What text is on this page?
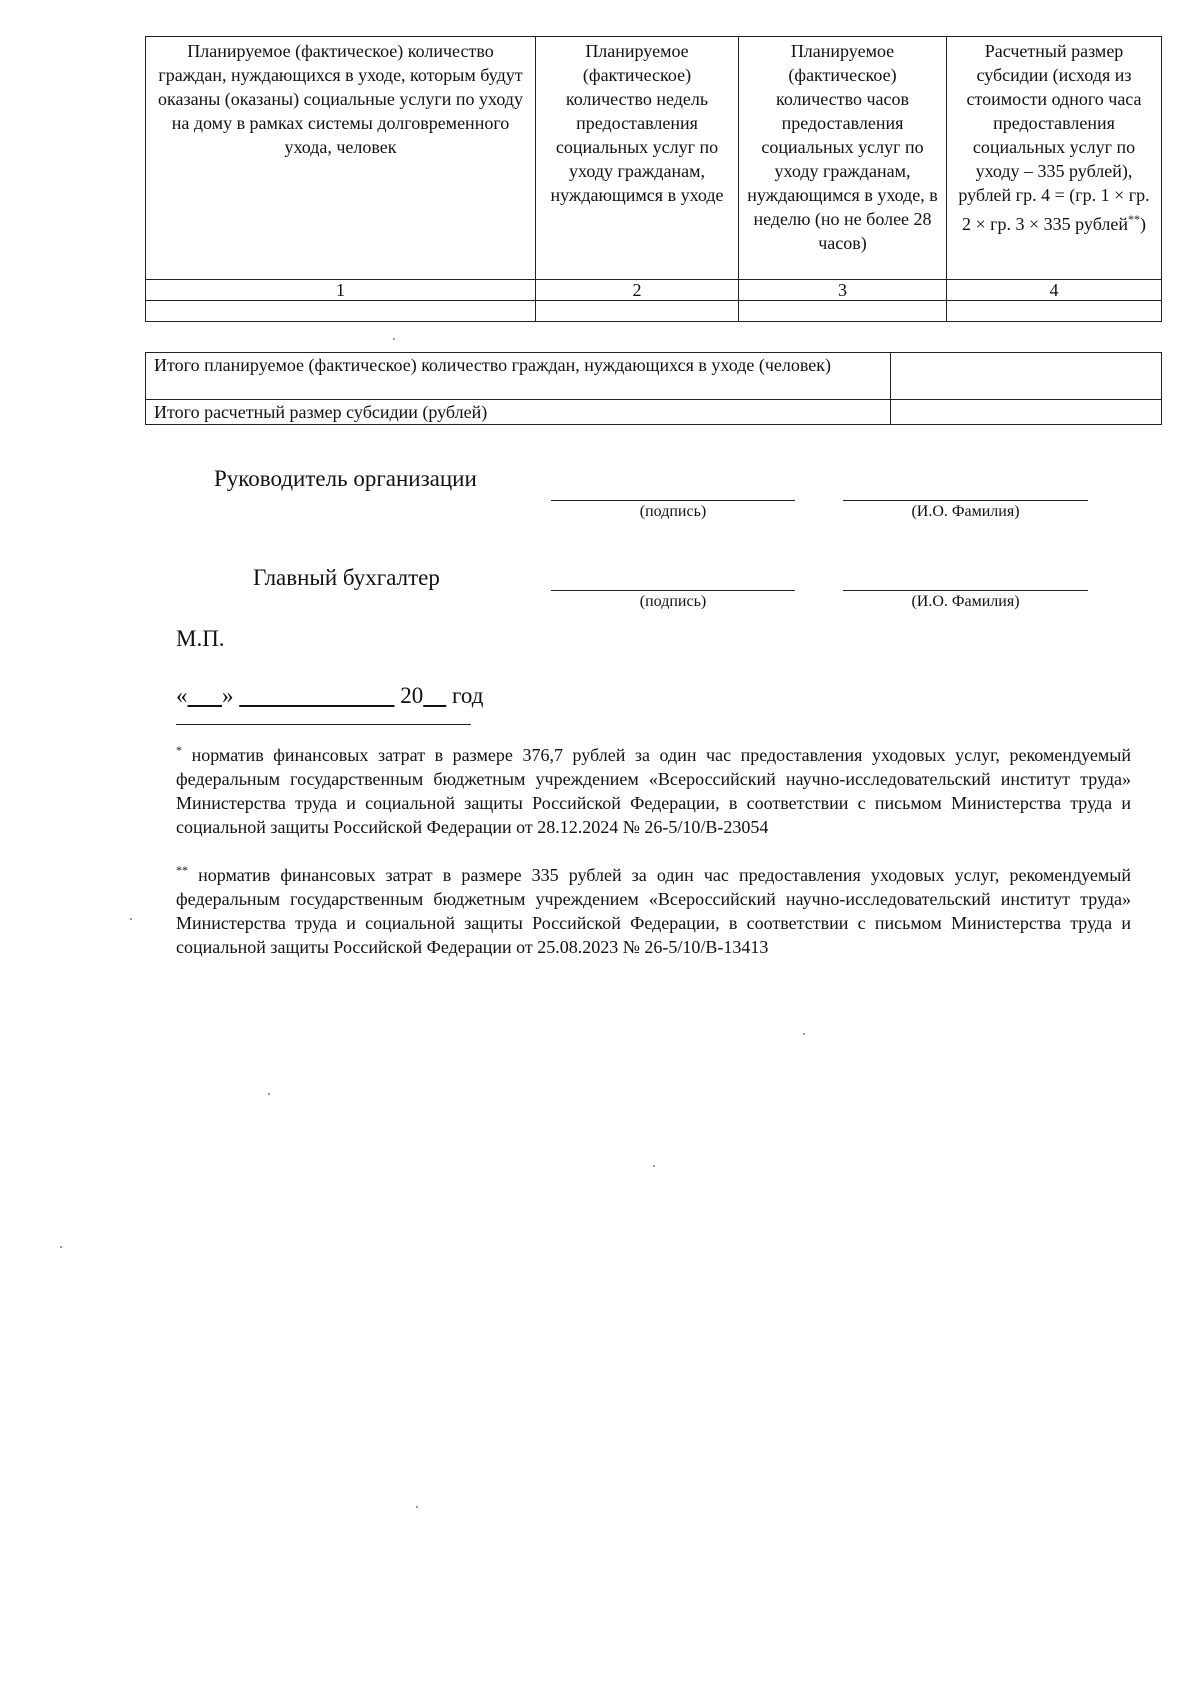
Планируемое (фактическое) количество граждан, нуждающихся в уходе, которым будут оказаны (оказаны) социальные услуги по уходу на дому в рамках системы долговременного ухода, человек	Планируемое (фактическое) количество недель предоставления социальных услуг по уходу гражданам, нуждающимся в уходе	Планируемое (фактическое) количество часов предоставления социальных услуг по уходу гражданам, нуждающимся в уходе, в неделю (но не более 28 часов)	Расчетный размер субсидии (исходя из стоимости одного часа предоставления социальных услуг по уходу – 335 рублей), рублей гр. 4 = (гр. 1 × гр. 2 × гр. 3 × 335 рублей**)
1	2	3	4

Итого планируемое (фактическое) количество граждан, нуждающихся в уходе (человек)	
Итого расчетный размер субсидии (рублей)	
Руководитель организации
(подпись)	(И.О. Фамилия)
Главный бухгалтер
(подпись)	(И.О. Фамилия)
М.П.
« »	20 год
* норматив финансовых затрат в размере 376,7 рублей за один час предоставления уходовых услуг, рекомендуемый федеральным государственным бюджетным учреждением «Всероссийский научно-исследовательский институт труда» Министерства труда и социальной защиты Российской Федерации, в соответствии с письмом Министерства труда и социальной защиты Российской Федерации от 28.12.2024 № 26-5/10/В-23054
** норматив финансовых затрат в размере 335 рублей за один час предоставления уходовых услуг, рекомендуемый федеральным государственным бюджетным учреждением «Всероссийский научно-исследовательский институт труда» Министерства труда и социальной защиты Российской Федерации, в соответствии с письмом Министерства труда и социальной защиты Российской Федерации от 25.08.2023 № 26-5/10/В-13413
